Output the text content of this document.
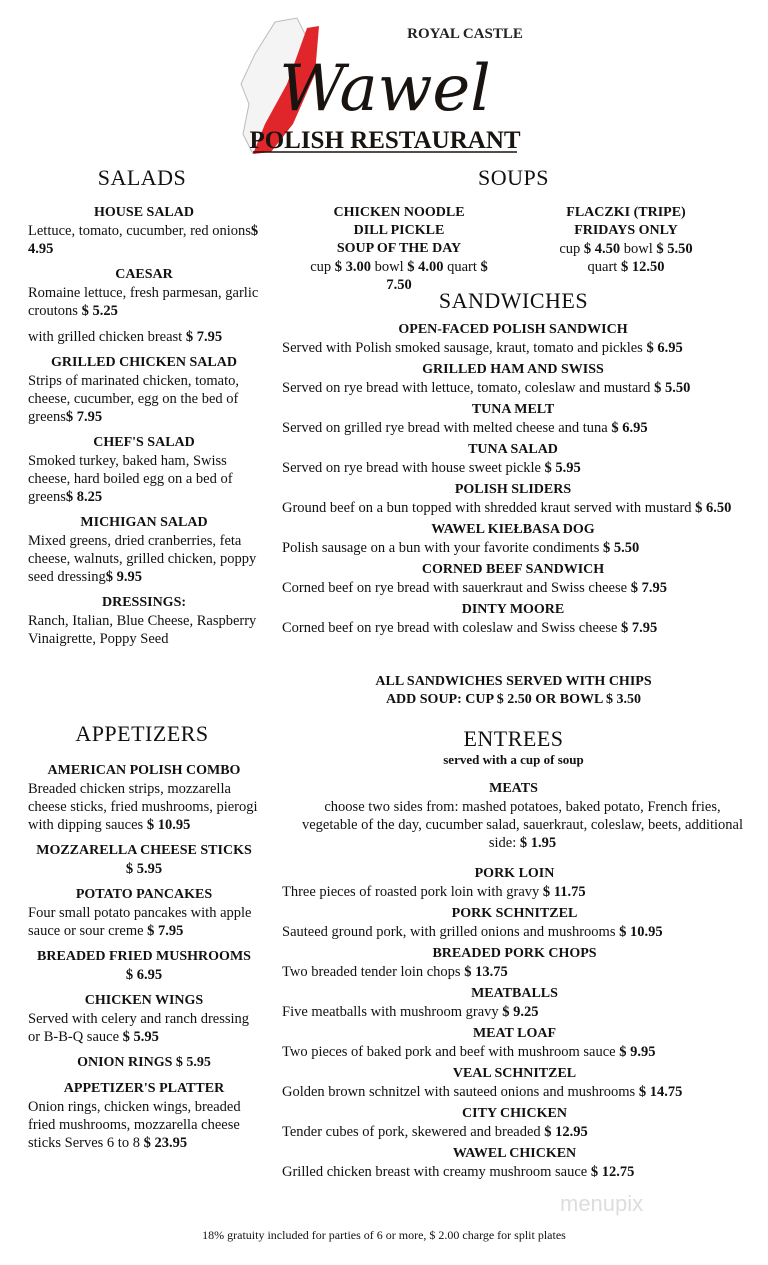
ROYAL CASTLE
Wawel
POLISH RESTAURANT
SALADS
HOUSE SALAD
Lettuce, tomato, cucumber, red onions$ 4.95
CAESAR
Romaine lettuce, fresh parmesan, garlic croutons $ 5.25
with grilled chicken breast $ 7.95
GRILLED CHICKEN SALAD
Strips of marinated chicken, tomato, cheese, cucumber, egg on the bed of greens$ 7.95
CHEF'S SALAD
Smoked turkey, baked ham, Swiss cheese, hard boiled egg on a bed of greens$ 8.25
MICHIGAN SALAD
Mixed greens, dried cranberries, feta cheese, walnuts, grilled chicken, poppy seed dressing$ 9.95
DRESSINGS:
Ranch, Italian, Blue Cheese, Raspberry Vinaigrette, Poppy Seed
SOUPS
CHICKEN NOODLE
DILL PICKLE
SOUP OF THE DAY
cup $ 3.00 bowl $ 4.00 quart $ 7.50
FLACZKI (TRIPE)
FRIDAYS ONLY
cup $ 4.50 bowl $ 5.50
quart $ 12.50
SANDWICHES
OPEN-FACED POLISH SANDWICH
Served with Polish smoked sausage, kraut, tomato and pickles $ 6.95
GRILLED HAM AND SWISS
Served on rye bread with lettuce, tomato, coleslaw and mustard $ 5.50
TUNA MELT
Served on grilled rye bread with melted cheese and tuna $ 6.95
TUNA SALAD
Served on rye bread with house sweet pickle $ 5.95
POLISH SLIDERS
Ground beef on a bun topped with shredded kraut served with mustard $ 6.50
WAWEL KIEŁBASA DOG
Polish sausage on a bun with your favorite condiments $ 5.50
CORNED BEEF SANDWICH
Corned beef on rye bread with sauerkraut and Swiss cheese $ 7.95
DINTY MOORE
Corned beef on rye bread with coleslaw and Swiss cheese $ 7.95
ALL SANDWICHES SERVED WITH CHIPS
ADD SOUP: CUP $ 2.50 OR BOWL $ 3.50
APPETIZERS
AMERICAN POLISH COMBO
Breaded chicken strips, mozzarella cheese sticks, fried mushrooms, pierogi with dipping sauces $ 10.95
MOZZARELLA CHEESE STICKS
$ 5.95
POTATO PANCAKES
Four small potato pancakes with apple sauce or sour creme $ 7.95
BREADED FRIED MUSHROOMS
$ 6.95
CHICKEN WINGS
Served with celery and ranch dressing or B-B-Q sauce $ 5.95
ONION RINGS $ 5.95
APPETIZER'S PLATTER
Onion rings, chicken wings, breaded fried mushrooms, mozzarella cheese sticks Serves 6 to 8 $ 23.95
ENTREES
served with a cup of soup
MEATS
choose two sides from: mashed potatoes, baked potato, French fries, vegetable of the day, cucumber salad, sauerkraut, coleslaw, beets, additional side: $ 1.95
PORK LOIN
Three pieces of roasted pork loin with gravy $ 11.75
PORK SCHNITZEL
Sauteed ground pork, with grilled onions and mushrooms $ 10.95
BREADED PORK CHOPS
Two breaded tender loin chops $ 13.75
MEATBALLS
Five meatballs with mushroom gravy $ 9.25
MEAT LOAF
Two pieces of baked pork and beef with mushroom sauce $ 9.95
VEAL SCHNITZEL
Golden brown schnitzel with sauteed onions and mushrooms $ 14.75
CITY CHICKEN
Tender cubes of pork, skewered and breaded $ 12.95
WAWEL CHICKEN
Grilled chicken breast with creamy mushroom sauce $ 12.75
menupix
18% gratuity included for parties of 6 or more, $ 2.00 charge for split plates
